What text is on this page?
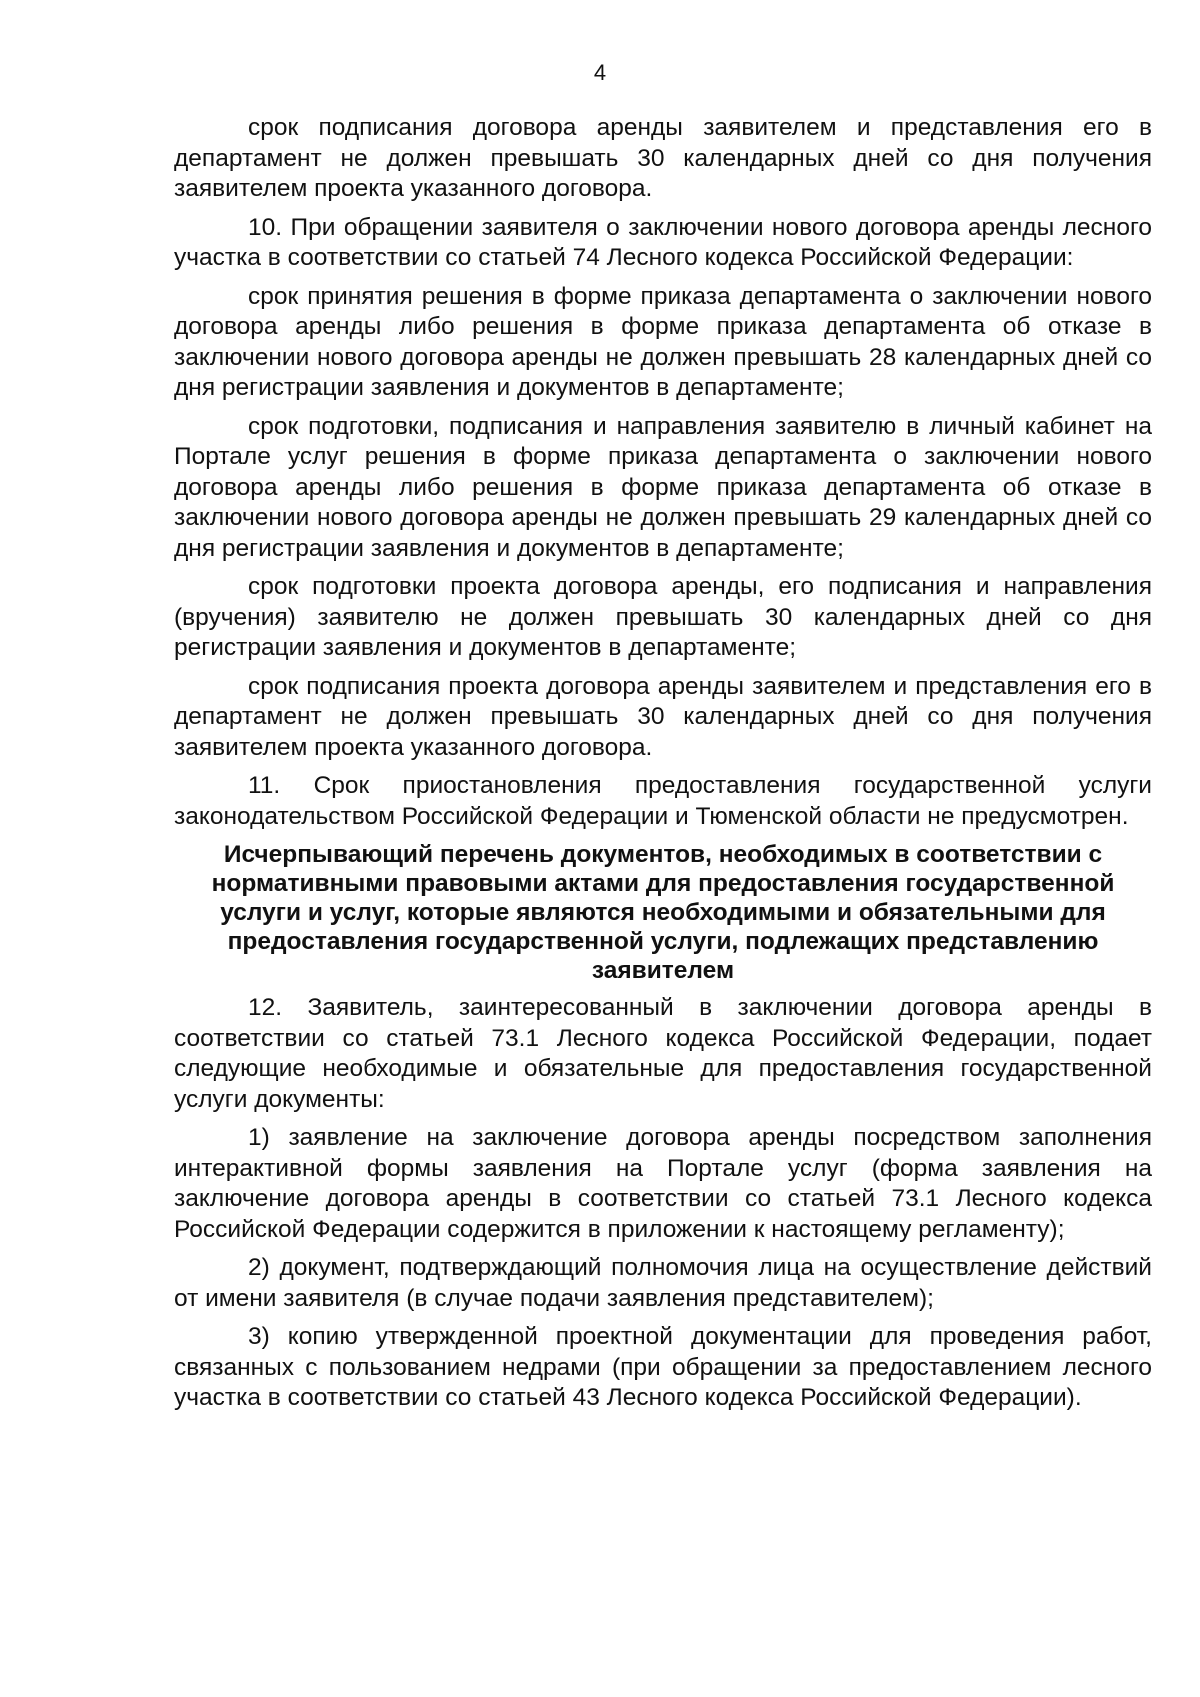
4

срок подписания договора аренды заявителем и представления его в департамент не должен превышать 30 календарных дней со дня получения заявителем проекта указанного договора.

10. При обращении заявителя о заключении нового договора аренды лесного участка в соответствии со статьей 74 Лесного кодекса Российской Федерации:

срок принятия решения в форме приказа департамента о заключении нового договора аренды либо решения в форме приказа департамента об отказе в заключении нового договора аренды не должен превышать 28 календарных дней со дня регистрации заявления и документов в департаменте;

срок подготовки, подписания и направления заявителю в личный кабинет на Портале услуг решения в форме приказа департамента о заключении нового договора аренды либо решения в форме приказа департамента об отказе в заключении нового договора аренды не должен превышать 29 календарных дней со дня регистрации заявления и документов в департаменте;

срок подготовки проекта договора аренды, его подписания и направления (вручения) заявителю не должен превышать 30 календарных дней со дня регистрации заявления и документов в департаменте;

срок подписания проекта договора аренды заявителем и представления его в департамент не должен превышать 30 календарных дней со дня получения заявителем проекта указанного договора.

11. Срок приостановления предоставления государственной услуги законодательством Российской Федерации и Тюменской области не предусмотрен.

Исчерпывающий перечень документов, необходимых в соответствии с нормативными правовыми актами для предоставления государственной услуги и услуг, которые являются необходимыми и обязательными для предоставления государственной услуги, подлежащих представлению заявителем

12. Заявитель, заинтересованный в заключении договора аренды в соответствии со статьей 73.1 Лесного кодекса Российской Федерации, подает следующие необходимые и обязательные для предоставления государственной услуги документы:

1) заявление на заключение договора аренды посредством заполнения интерактивной формы заявления на Портале услуг (форма заявления на заключение договора аренды в соответствии со статьей 73.1 Лесного кодекса Российской Федерации содержится в приложении к настоящему регламенту);

2) документ, подтверждающий полномочия лица на осуществление действий от имени заявителя (в случае подачи заявления представителем);

3) копию утвержденной проектной документации для проведения работ, связанных с пользованием недрами (при обращении за предоставлением лесного участка в соответствии со статьей 43 Лесного кодекса Российской Федерации).
